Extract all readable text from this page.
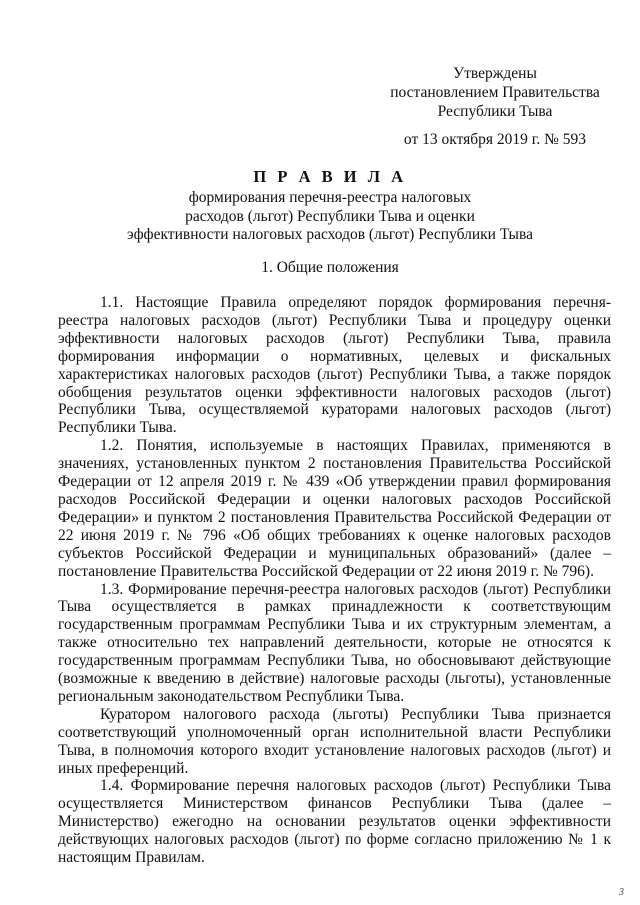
Утверждены
постановлением Правительства
Республики Тыва
от 13 октября 2019 г. № 593
П Р А В И Л А
формирования перечня-реестра налоговых
расходов (льгот) Республики Тыва и оценки
эффективности налоговых расходов (льгот) Республики Тыва
1. Общие положения

1.1. Настоящие Правила определяют порядок формирования перечня-реестра налоговых расходов (льгот) Республики Тыва и процедуру оценки эффективности налоговых расходов (льгот) Республики Тыва, правила формирования информации о нормативных, целевых и фискальных характеристиках налоговых расходов (льгот) Республики Тыва, а также порядок обобщения результатов оценки эффективности налоговых расходов (льгот) Республики Тыва, осуществляемой кураторами налоговых расходов (льгот) Республики Тыва.

1.2. Понятия, используемые в настоящих Правилах, применяются в значениях, установленных пунктом 2 постановления Правительства Российской Федерации от 12 апреля 2019 г. № 439 «Об утверждении правил формирования расходов Российской Федерации и оценки налоговых расходов Российской Федерации» и пунктом 2 постановления Правительства Российской Федерации от 22 июня 2019 г. № 796 «Об общих требованиях к оценке налоговых расходов субъектов Российской Федерации и муниципальных образований» (далее – постановление Правительства Российской Федерации от 22 июня 2019 г. № 796).

1.3. Формирование перечня-реестра налоговых расходов (льгот) Республики Тыва осуществляется в рамках принадлежности к соответствующим государственным программам Республики Тыва и их структурным элементам, а также относительно тех направлений деятельности, которые не относятся к государственным программам Республики Тыва, но обосновывают действующие (возможные к введению в действие) налоговые расходы (льготы), установленные региональным законодательством Республики Тыва.

Куратором налогового расхода (льготы) Республики Тыва признается соответствующий уполномоченный орган исполнительной власти Республики Тыва, в полномочия которого входит установление налоговых расходов (льгот) и иных преференций.

1.4. Формирование перечня налоговых расходов (льгот) Республики Тыва осуществляется Министерством финансов Республики Тыва (далее – Министерство) ежегодно на основании результатов оценки эффективности действующих налоговых расходов (льгот) по форме согласно приложению № 1 к настоящим Правилам.

3
